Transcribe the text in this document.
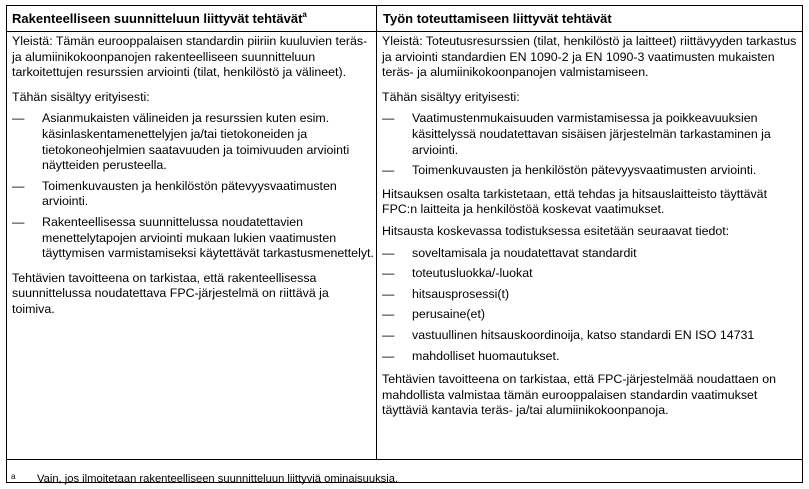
Rakenteelliseen suunnitteluun liittyvät tehtävät$^a$	Työn toteuttamiseen liittyvät tehtävät

Yleistä: Tämän eurooppalaisen standardin piiriin kuuluvien teräs- ja alumiinikokoonpanojen rakenteelliseen suunnitteluun tarkoitettujen resurssien arviointi (tilat, henkilöstö ja välineet).

Tähän sisältyy erityisesti:

— Asianmukaisten välineiden ja resurssien kuten esim. käsinlaskentamenettelyjen ja/tai tietokoneiden ja tietokoneohjelmien saatavuuden ja toimivuuden arviointi näytteiden perusteella.
— Toimenkuvausten ja henkilöstön pätevyysvaatimusten arviointi.
— Rakenteellisessa suunnittelussa noudatettavien menettelytapojen arviointi mukaan lukien vaatimusten täyttymisen varmistamiseksi käytettävät tarkastusmenettelyt.

Tehtävien tavoitteena on tarkistaa, että rakenteellisessa suunnittelussa noudatettava FPC-järjestelmä on riittävä ja toimiva.

Yleistä: Toteutusresurssien (tilat, henkilöstö ja laitteet) riittävyyden tarkastus ja arviointi standardien EN 1090-2 ja EN 1090-3 vaatimusten mukaisten teräs- ja alumiinikokoonpanojen valmistamiseen.

Tähän sisältyy erityisesti:

— Vaatimustenmukaisuuden varmistamisessa ja poikkeavuuksien käsittelyssä noudatettavan sisäisen järjestelmän tarkastaminen ja arviointi.
— Toimenkuvausten ja henkilöstön pätevyysvaatimusten arviointi.

Hitsauksen osalta tarkistetaan, että tehdas ja hitsauslaitteisto täyttävät FPC:n laitteita ja henkilöstöä koskevat vaatimukset.

Hitsausta koskevassa todistuksessa esitetään seuraavat tiedot:

— soveltamisala ja noudatettavat standardit
— toteutusluokka/-luokat
— hitsausprosessi(t)
— perusaine(et)
— vastuullinen hitsauskoordinoija, katso standardi EN ISO 14731
— mahdolliset huomautukset.

Tehtävien tavoitteena on tarkistaa, että FPC-järjestelmää noudattaen on mahdollista valmistaa tämän eurooppalaisen standardin vaatimukset täyttäviä kantavia teräs- ja/tai alumiinikokoonpanoja.

a Vain, jos ilmoitetaan rakenteelliseen suunnitteluun liittyviä ominaisuuksia.
